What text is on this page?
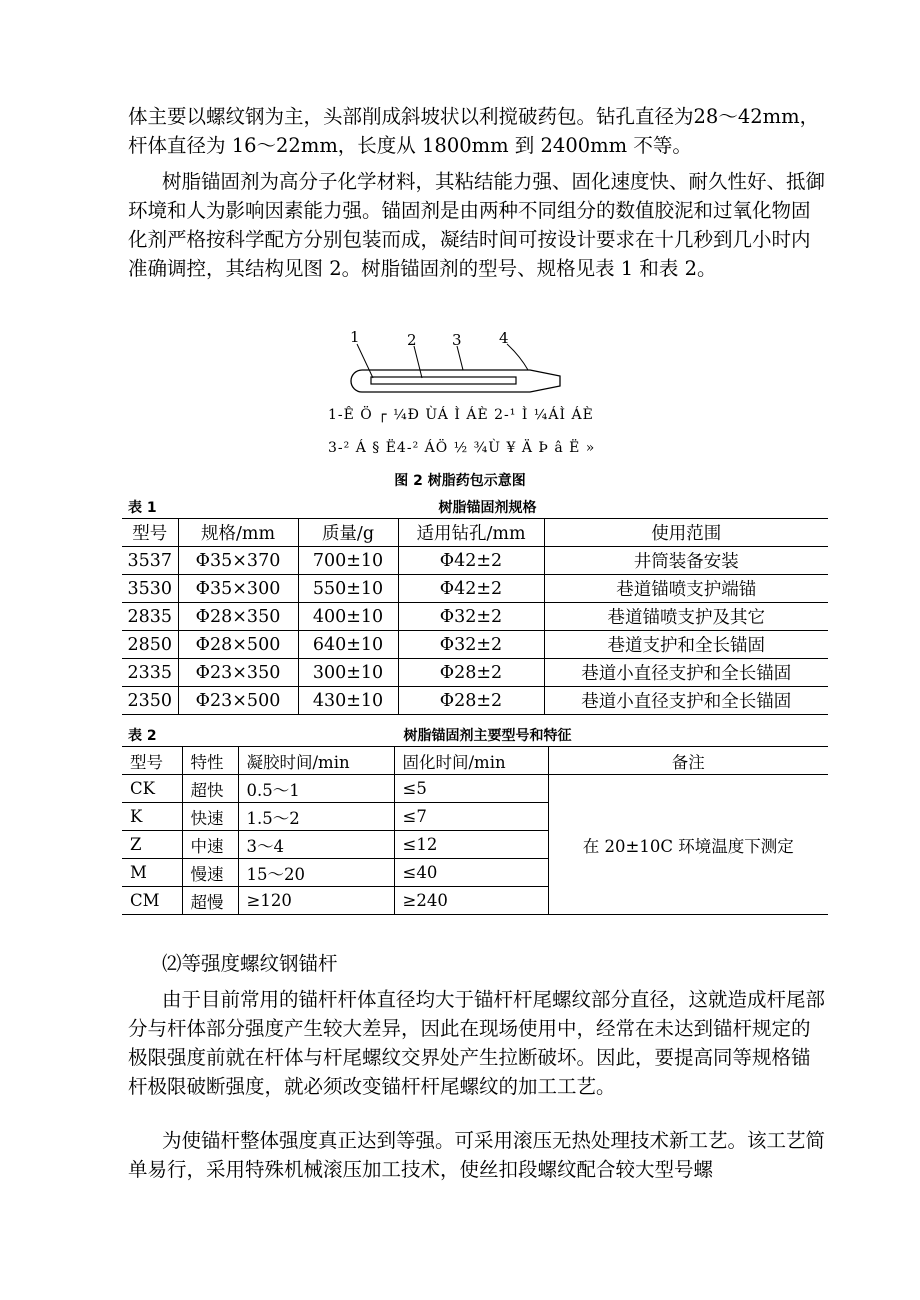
体主要以螺纹钢为主，头部削成斜坡状以利搅破药包。钻孔直径为28～42mm，
杆体直径为 16～22mm，长度从 1800mm 到 2400mm 不等。

树脂锚固剂为高分子化学材料，其粘结能力强、固化速度快、耐久性好、抵御环境和人为影响因素能力强。锚固剂是由两种不同组分的数值胶泥和过氧化物固化剂严格按科学配方分别包装而成，凝结时间可按设计要求在十几秒到几小时内准确调控，其结构见图 2。树脂锚固剂的型号、规格见表 1 和表 2。

1	2 3 4
1-Ê Ö ┌ ¼Ð ÙÁ Ì ÁÈ 2-¹ Ì ¼ÁÌ ÁÈ
3-² Á § Ë4-² ÁÖ ½ ¾Ù ¥ Ä Þ â Ë »
图 2 树脂药包示意图
表 1	树脂锚固剂规格
型号	规格/mm	质量/g	适用钻孔/mm	使用范围
3537	Φ35×370	700±10	Φ42±2	井筒装备安装
3530	Φ35×300	550±10	Φ42±2	巷道锚喷支护端锚
2835	Φ28×350	400±10	Φ32±2	巷道锚喷支护及其它
2850	Φ28×500	640±10	Φ32±2	巷道支护和全长锚固
2335	Φ23×350	300±10	Φ28±2	巷道小直径支护和全长锚固
2350	Φ23×500	430±10	Φ28±2	巷道小直径支护和全长锚固
表 2	树脂锚固剂主要型号和特征
型号	特性	凝胶时间/min	固化时间/min	备注
CK	超快	0.5～1	≤5	在 20±10C 环境温度下测定
K	快速	1.5～2	≤7	
Z	中速	3～4	≤12	
M	慢速	15～20	≤40	
CM	超慢	≥120	≥240	

⑵等强度螺纹钢锚杆

由于目前常用的锚杆杆体直径均大于锚杆杆尾螺纹部分直径，这就造成杆尾部分与杆体部分强度产生较大差异，因此在现场使用中，经常在未达到锚杆规定的极限强度前就在杆体与杆尾螺纹交界处产生拉断破坏。因此，要提高同等规格锚杆极限破断强度，就必须改变锚杆杆尾螺纹的加工工艺。

为使锚杆整体强度真正达到等强。可采用滚压无热处理技术新工艺。该工艺简单易行，采用特殊机械滚压加工技术，使丝扣段螺纹配合较大型号螺
